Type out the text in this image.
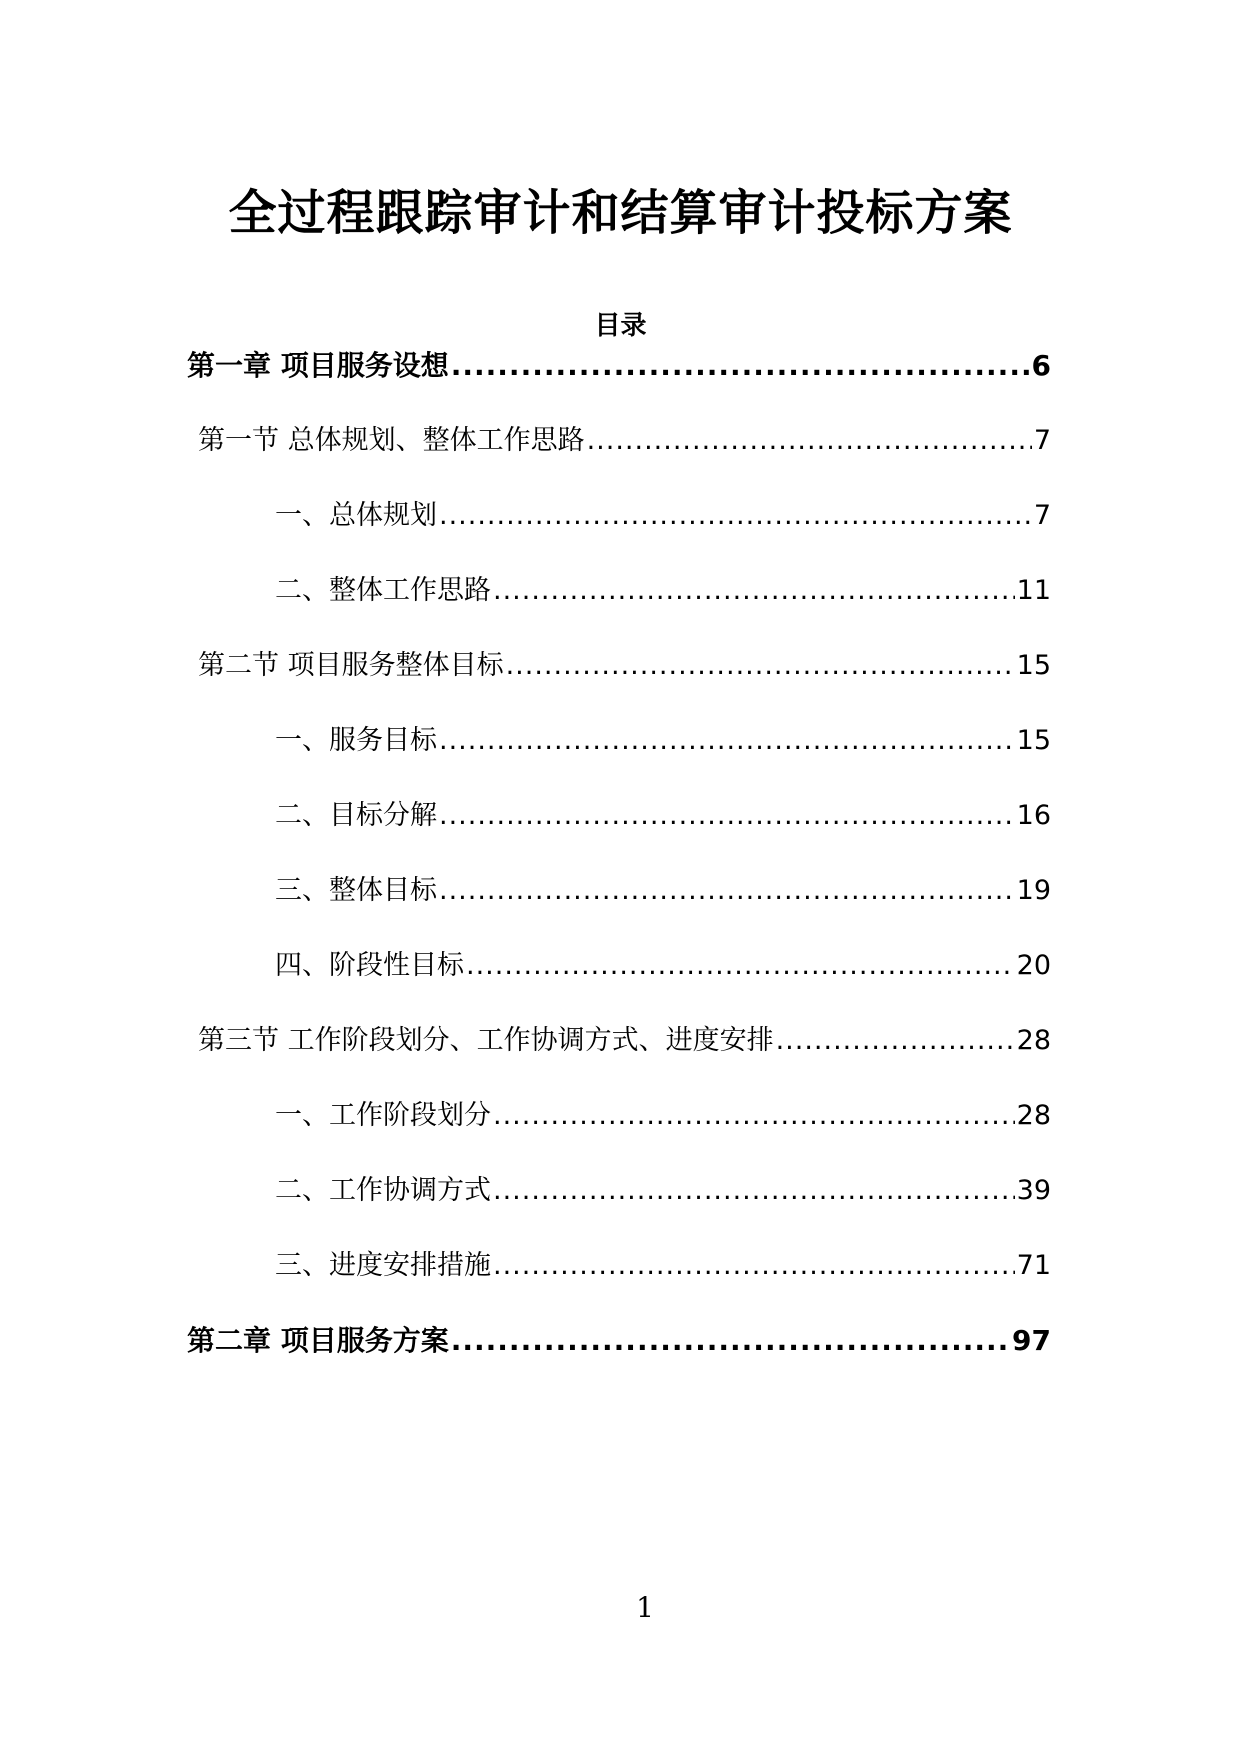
全过程跟踪审计和结算审计投标方案
目录
第一章 项目服务设想 .....	6
第一节 总体规划、整体工作思路 .....	7
一、总体规划 .....	7
二、整体工作思路 .....	11
第二节 项目服务整体目标 .....	15
一、服务目标 .....	15
二、目标分解 .....	16
三、整体目标 .....	19
四、阶段性目标 .....	20
第三节 工作阶段划分、工作协调方式、进度安排 .....	28
一、工作阶段划分 .....	28
二、工作协调方式 .....	39
三、进度安排措施 .....	71
第二章 项目服务方案 .....	97
1
